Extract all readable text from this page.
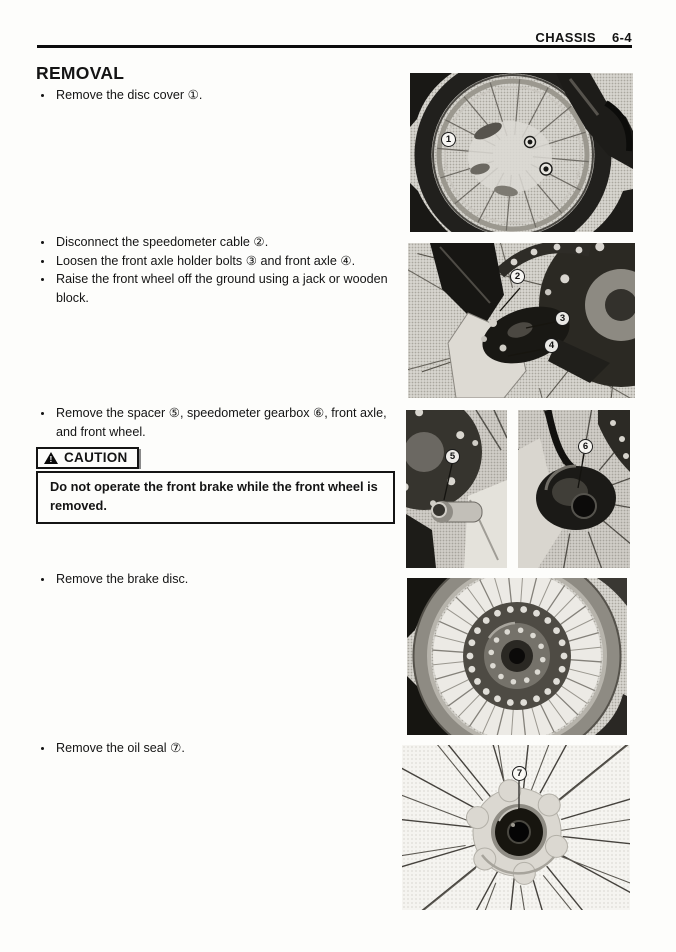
CHASSIS 6-4
REMOVAL
• Remove the disc cover ①.
• Disconnect the speedometer cable ②.
• Loosen the front axle holder bolts ③ and front axle ④.
• Raise the front wheel off the ground using a jack or wooden block.
• Remove the spacer ⑤, speedometer gearbox ⑥, front axle, and front wheel.
!
CAUTION
Do not operate the front brake while the front wheel is removed.
• Remove the brake disc.
• Remove the oil seal ⑦.
1
2
3
4
5
6
7
